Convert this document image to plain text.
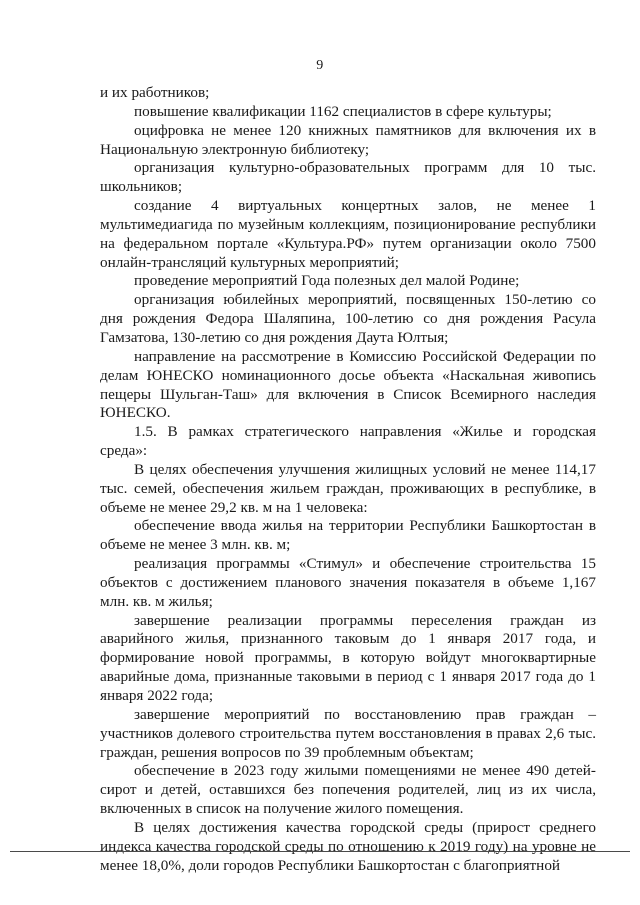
9

и их работников;

повышение квалификации 1162 специалистов в сфере культуры;

оцифровка не менее 120 книжных памятников для включения их в Национальную электронную библиотеку;

организация культурно-образовательных программ для 10 тыс. школьников;

создание 4 виртуальных концертных залов, не менее 1 мультимедиагида по музейным коллекциям, позиционирование республики на федеральном портале «Культура.РФ» путем организации около 7500 онлайн-трансляций культурных мероприятий;

проведение мероприятий Года полезных дел малой Родине;

организация юбилейных мероприятий, посвященных 150-летию со дня рождения Федора Шаляпина, 100-летию со дня рождения Расула Гамзатова, 130-летию со дня рождения Даута Юлтыя;

направление на рассмотрение в Комиссию Российской Федерации по делам ЮНЕСКО номинационного досье объекта «Наскальная живопись пещеры Шульган-Таш» для включения в Список Всемирного наследия ЮНЕСКО.

1.5. В рамках стратегического направления «Жилье и городская среда»:

В целях обеспечения улучшения жилищных условий не менее 114,17 тыс. семей, обеспечения жильем граждан, проживающих в республике, в объеме не менее 29,2 кв. м на 1 человека:

обеспечение ввода жилья на территории Республики Башкортостан в объеме не менее 3 млн. кв. м;

реализация программы «Стимул» и обеспечение строительства 15 объектов с достижением планового значения показателя в объеме 1,167 млн. кв. м жилья;

завершение реализации программы переселения граждан из аварийного жилья, признанного таковым до 1 января 2017 года, и формирование новой программы, в которую войдут многоквартирные аварийные дома, признанные таковыми в период с 1 января 2017 года до 1 января 2022 года;

завершение мероприятий по восстановлению прав граждан – участников долевого строительства путем восстановления в правах 2,6 тыс. граждан, решения вопросов по 39 проблемным объектам;

обеспечение в 2023 году жилыми помещениями не менее 490 детей-сирот и детей, оставшихся без попечения родителей, лиц из их числа, включенных в список на получение жилого помещения.

В целях достижения качества городской среды (прирост среднего индекса качества городской среды по отношению к 2019 году) на уровне не менее 18,0%, доли городов Республики Башкортостан с благоприятной
